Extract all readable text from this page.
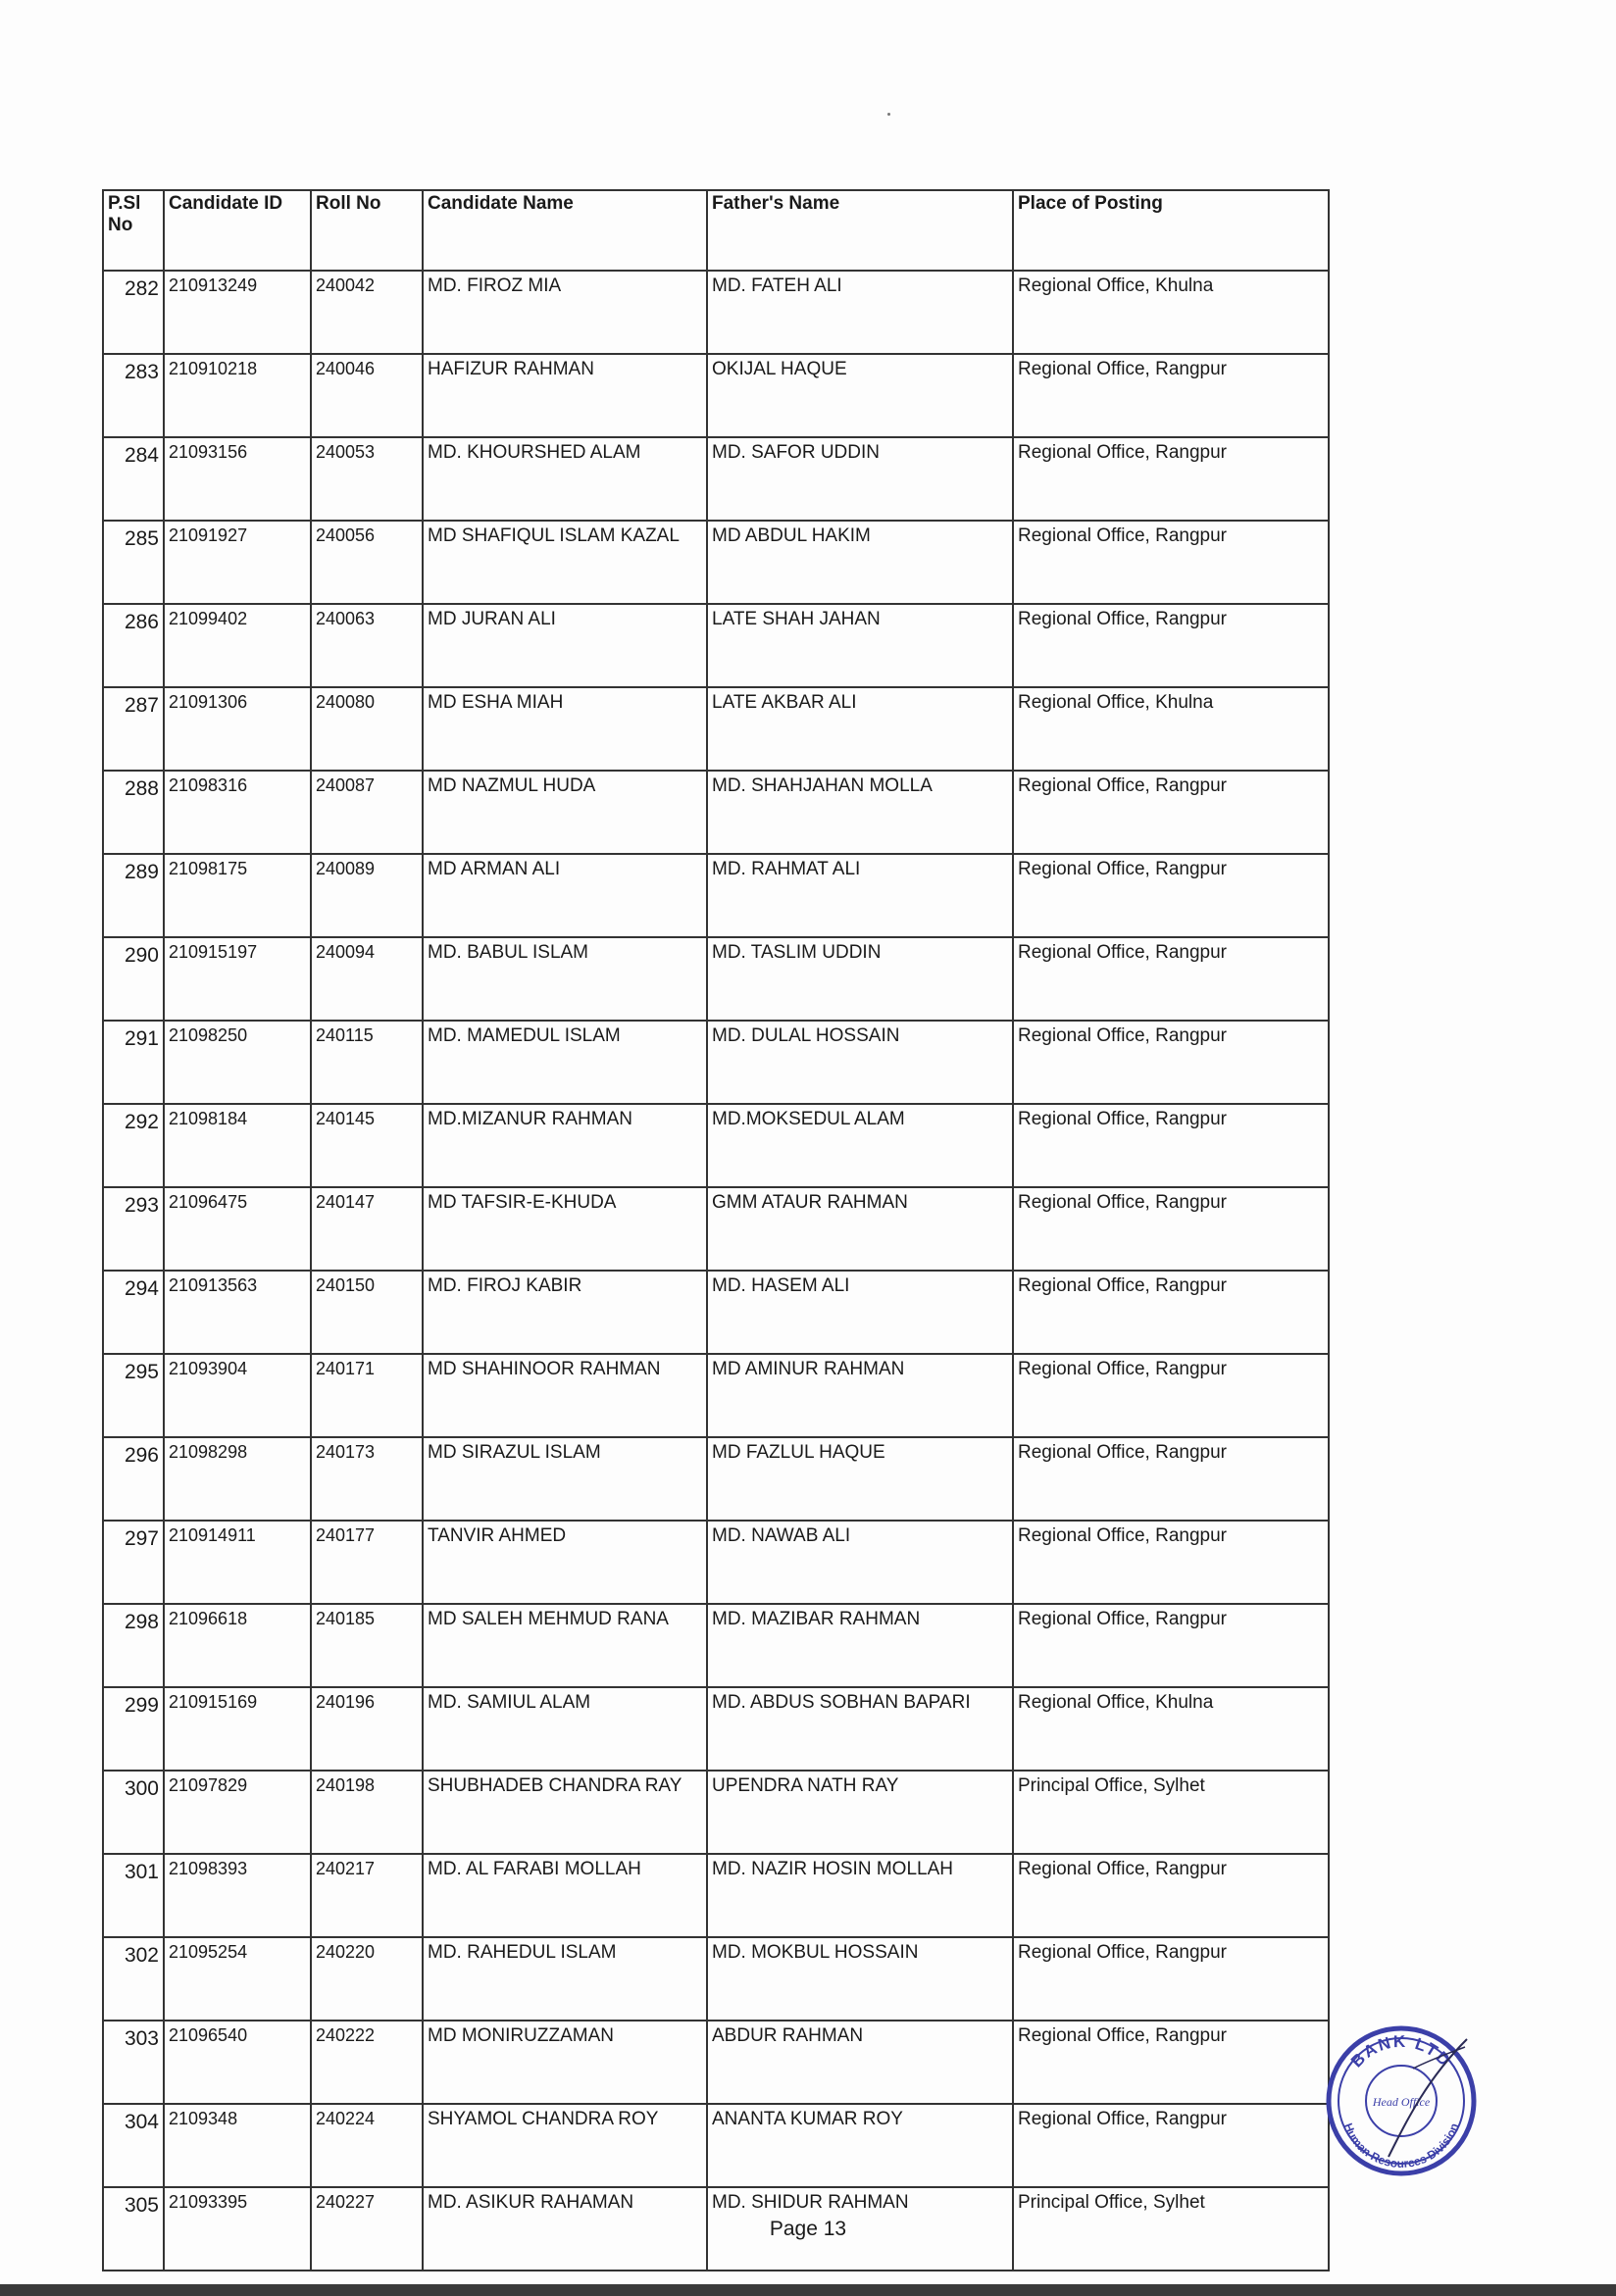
P.Sl No	Candidate ID	Roll No	Candidate Name	Father's Name	Place of Posting
282	210913249	240042	MD. FIROZ MIA	MD. FATEH ALI	Regional Office, Khulna
283	210910218	240046	HAFIZUR RAHMAN	OKIJAL HAQUE	Regional Office, Rangpur
284	21093156	240053	MD. KHOURSHED ALAM	MD. SAFOR UDDIN	Regional Office, Rangpur
285	21091927	240056	MD SHAFIQUL ISLAM KAZAL	MD ABDUL HAKIM	Regional Office, Rangpur
286	21099402	240063	MD JURAN ALI	LATE SHAH JAHAN	Regional Office, Rangpur
287	21091306	240080	MD ESHA MIAH	LATE AKBAR ALI	Regional Office, Khulna
288	21098316	240087	MD NAZMUL HUDA	MD. SHAHJAHAN MOLLA	Regional Office, Rangpur
289	21098175	240089	MD ARMAN ALI	MD. RAHMAT ALI	Regional Office, Rangpur
290	210915197	240094	MD. BABUL ISLAM	MD. TASLIM UDDIN	Regional Office, Rangpur
291	21098250	240115	MD. MAMEDUL ISLAM	MD. DULAL HOSSAIN	Regional Office, Rangpur
292	21098184	240145	MD.MIZANUR RAHMAN	MD.MOKSEDUL ALAM	Regional Office, Rangpur
293	21096475	240147	MD TAFSIR-E-KHUDA	GMM ATAUR RAHMAN	Regional Office, Rangpur
294	210913563	240150	MD. FIROJ KABIR	MD. HASEM ALI	Regional Office, Rangpur
295	21093904	240171	MD SHAHINOOR RAHMAN	MD AMINUR RAHMAN	Regional Office, Rangpur
296	21098298	240173	MD SIRAZUL ISLAM	MD FAZLUL HAQUE	Regional Office, Rangpur
297	210914911	240177	TANVIR AHMED	MD. NAWAB ALI	Regional Office, Rangpur
298	21096618	240185	MD SALEH MEHMUD RANA	MD. MAZIBAR RAHMAN	Regional Office, Rangpur
299	210915169	240196	MD. SAMIUL ALAM	MD. ABDUS SOBHAN BAPARI	Regional Office, Khulna
300	21097829	240198	SHUBHADEB CHANDRA RAY	UPENDRA NATH RAY	Principal Office, Sylhet
301	21098393	240217	MD. AL FARABI MOLLAH	MD. NAZIR HOSIN MOLLAH	Regional Office, Rangpur
302	21095254	240220	MD. RAHEDUL ISLAM	MD. MOKBUL HOSSAIN	Regional Office, Rangpur
303	21096540	240222	MD MONIRUZZAMAN	ABDUR RAHMAN	Regional Office, Rangpur
304	2109348	240224	SHYAMOL CHANDRA ROY	ANANTA KUMAR ROY	Regional Office, Rangpur
305	21093395	240227	MD. ASIKUR RAHAMAN	MD. SHIDUR RAHMAN	Principal Office, Sylhet
Page 13
BANK LTD
Human Resources Division
Head Office
